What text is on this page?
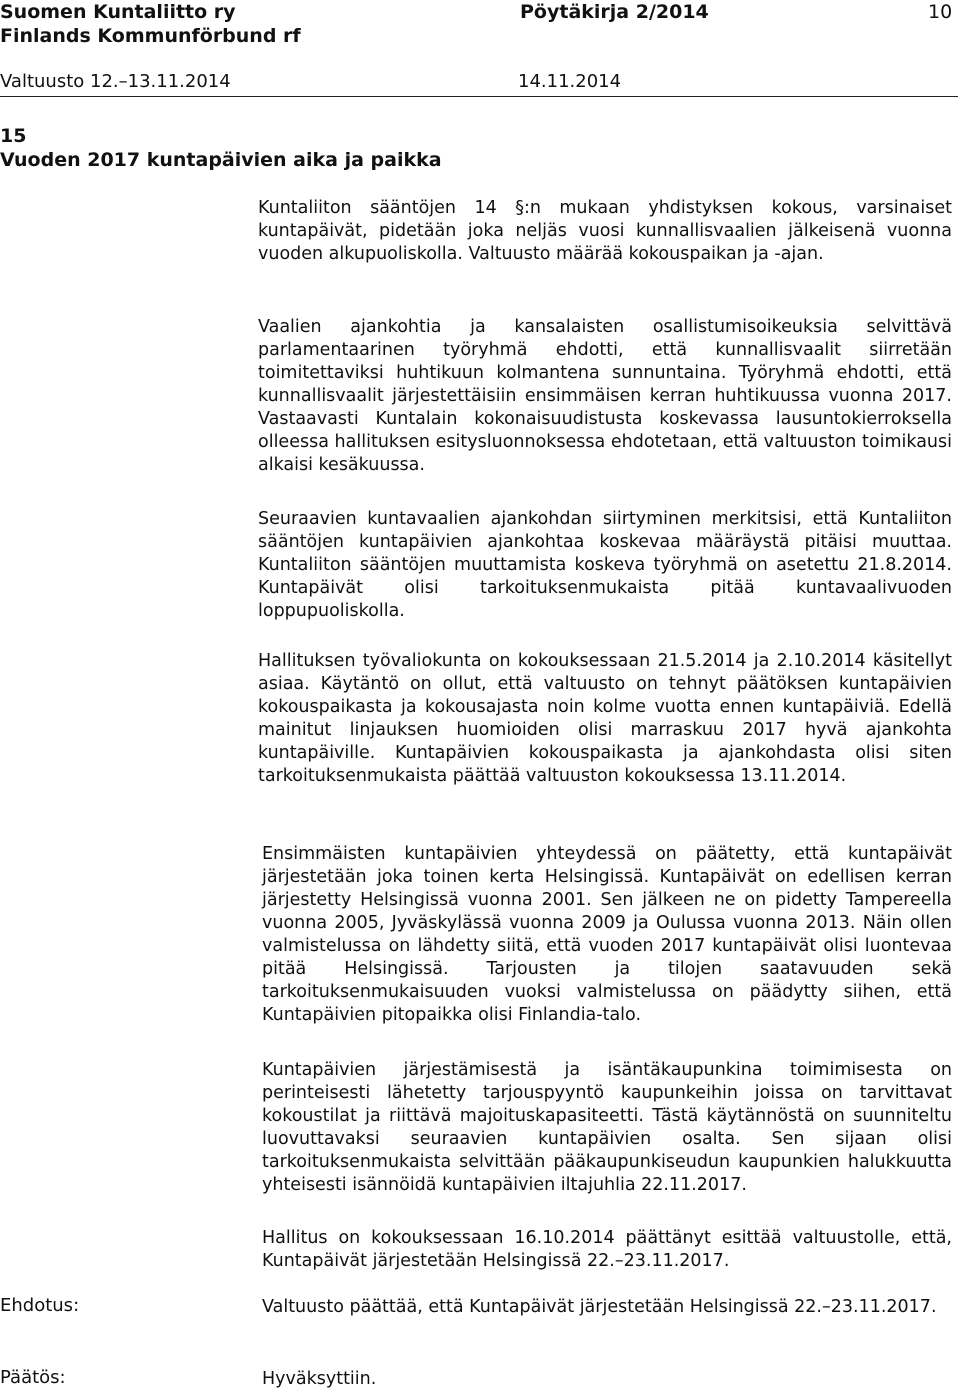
Suomen Kuntaliitto ry
Finlands Kommunförbund rf
Pöytäkirja 2/2014	10
Valtuusto 12.–13.11.2014	14.11.2014
15
Vuoden 2017 kuntapäivien aika ja paikka
Kuntaliiton sääntöjen 14 §:n mukaan yhdistyksen kokous, varsinaiset kuntapäivät, pidetään joka neljäs vuosi kunnallisvaalien jälkeisenä vuonna vuoden alkupuoliskolla. Valtuusto määrää kokouspaikan ja -ajan.
Vaalien ajankohtia ja kansalaisten osallistumisoikeuksia selvittävä parlamentaarinen työryhmä ehdotti, että kunnallisvaalit siirretään toimitettaviksi huhtikuun kolmantena sunnuntaina. Työryhmä ehdotti, että kunnallisvaalit järjestettäisiin ensimmäisen kerran huhtikuussa vuonna 2017. Vastaavasti Kuntalain kokonaisuudistusta koskevassa lausuntokierroksella olleessa hallituksen esitysluonnoksessa ehdotetaan, että valtuuston toimikausi alkaisi kesäkuussa.
Seuraavien kuntavaalien ajankohdan siirtyminen merkitsisi, että Kuntaliiton sääntöjen kuntapäivien ajankohtaa koskevaa määräystä pitäisi muuttaa. Kuntaliiton sääntöjen muuttamista koskeva työryhmä on asetettu 21.8.2014. Kuntapäivät olisi tarkoituksenmukaista pitää kuntavaalivuoden loppupuoliskolla.
Hallituksen työvaliokunta on kokouksessaan 21.5.2014 ja 2.10.2014 käsitellyt asiaa. Käytäntö on ollut, että valtuusto on tehnyt päätöksen kuntapäivien kokouspaikasta ja kokousajasta noin kolme vuotta ennen kuntapäiviä. Edellä mainitut linjauksen huomioiden olisi marraskuu 2017 hyvä ajankohta kuntapäiville. Kuntapäivien kokouspaikasta ja ajankohdasta olisi siten tarkoituksenmukaista päättää valtuuston kokouksessa 13.11.2014.
Ensimmäisten kuntapäivien yhteydessä on päätetty, että kuntapäivät järjestetään joka toinen kerta Helsingissä. Kuntapäivät on edellisen kerran järjestetty Helsingissä vuonna 2001. Sen jälkeen ne on pidetty Tampereella vuonna 2005, Jyväskylässä vuonna 2009 ja Oulussa vuonna 2013. Näin ollen valmistelussa on lähdetty siitä, että vuoden 2017 kuntapäivät olisi luontevaa pitää Helsingissä. Tarjousten ja tilojen saatavuuden sekä tarkoituksenmukaisuuden vuoksi valmistelussa on päädytty siihen, että Kuntapäivien pitopaikka olisi Finlandia-talo.
Kuntapäivien järjestämisestä ja isäntäkaupunkina toimimisesta on perinteisesti lähetetty tarjouspyyntö kaupunkeihin joissa on tarvittavat kokoustilat ja riittävä majoituskapasiteetti. Tästä käytännöstä on suunniteltu luovuttavaksi seuraavien kuntapäivien osalta. Sen sijaan olisi tarkoituksenmukaista selvittään pääkaupunkiseudun kaupunkien halukkuutta yhteisesti isännöidä kuntapäivien iltajuhlia 22.11.2017.
Hallitus on kokouksessaan 16.10.2014 päättänyt esittää valtuustolle, että, Kuntapäivät järjestetään Helsingissä 22.–23.11.2017.
Ehdotus:	Valtuusto päättää, että Kuntapäivät järjestetään Helsingissä 22.–23.11.2017.
Päätös:	Hyväksyttiin.
